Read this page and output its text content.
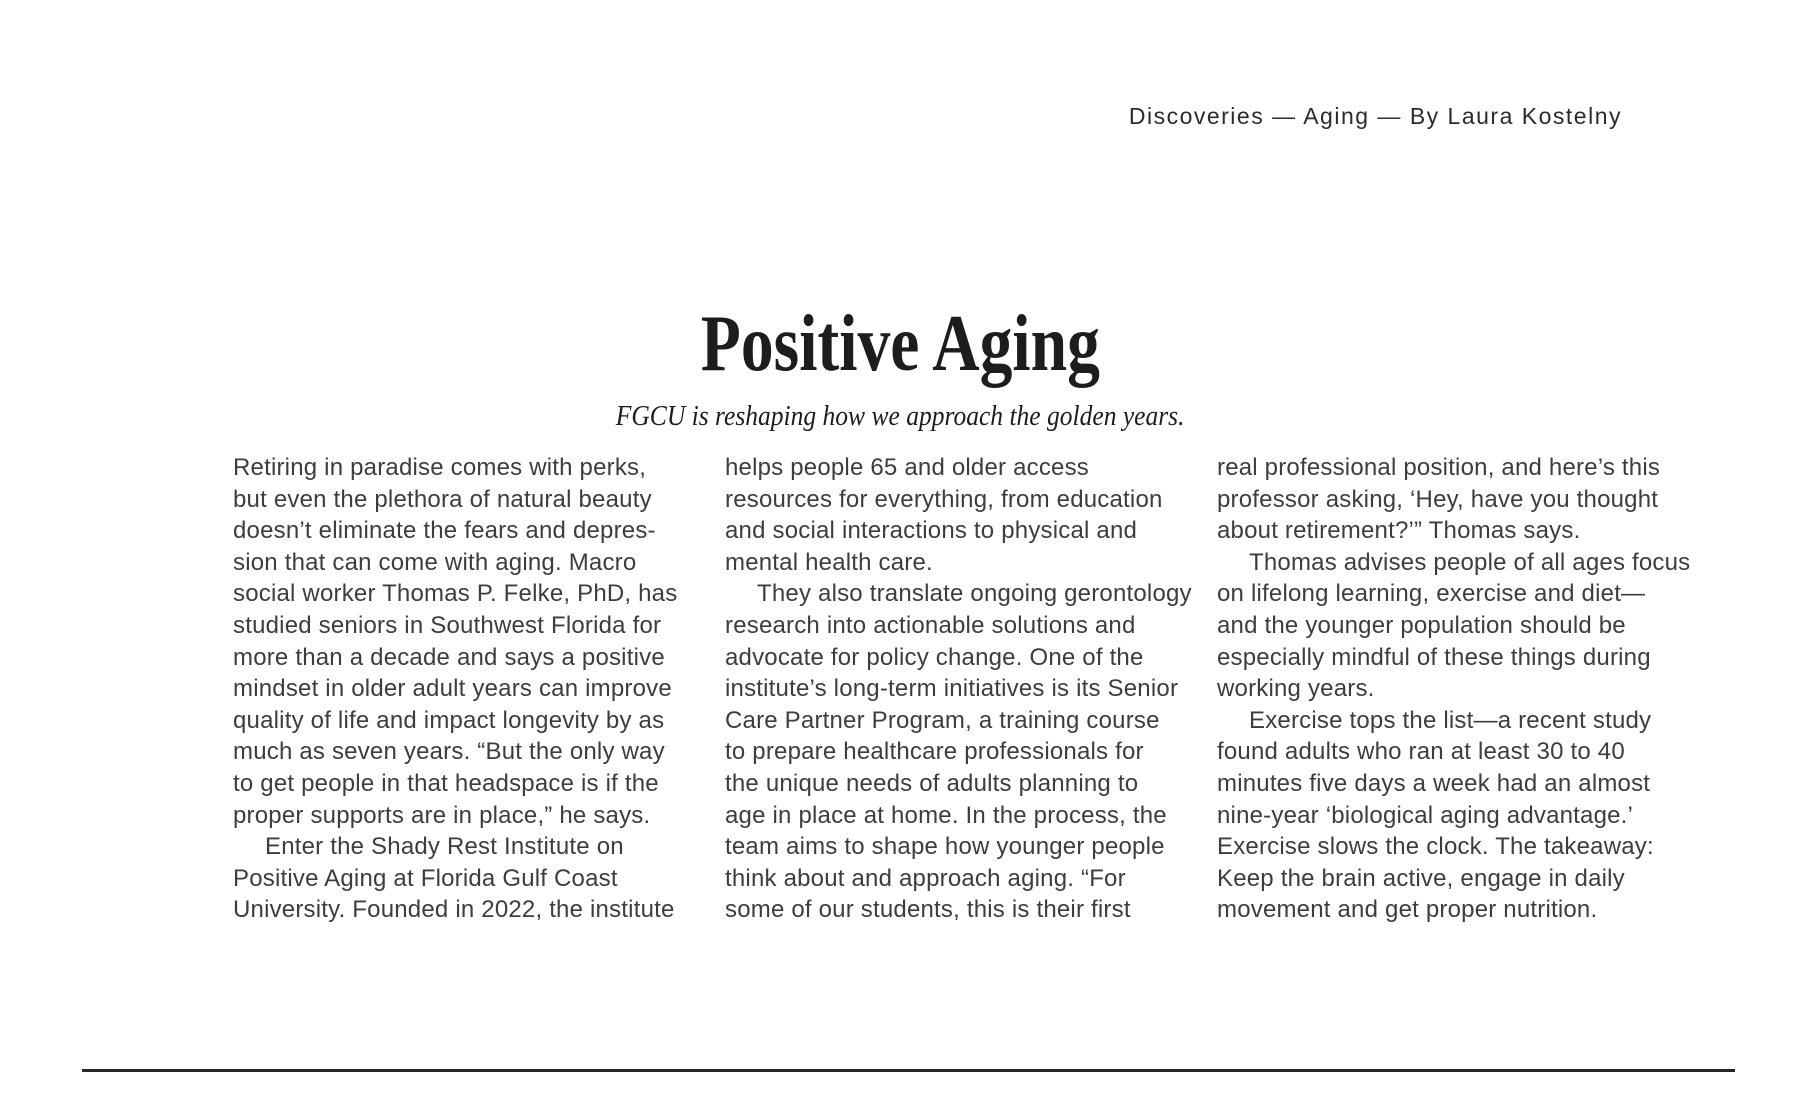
Discoveries — Aging — By Laura Kostelny
Positive Aging
FGCU is reshaping how we approach the golden years.
Retiring in paradise comes with perks,
but even the plethora of natural beauty
doesn’t eliminate the fears and depres-
sion that can come with aging. Macro
social worker Thomas P. Felke, PhD, has
studied seniors in Southwest Florida for
more than a decade and says a positive
mindset in older adult years can improve
quality of life and impact longevity by as
much as seven years. “But the only way
to get people in that headspace is if the
proper supports are in place,” he says.
Enter the Shady Rest Institute on
Positive Aging at Florida Gulf Coast
University. Founded in 2022, the institute
helps people 65 and older access
resources for everything, from education
and social interactions to physical and
mental health care.
They also translate ongoing gerontology
research into actionable solutions and
advocate for policy change. One of the
institute’s long-term initiatives is its Senior
Care Partner Program, a training course
to prepare healthcare professionals for
the unique needs of adults planning to
age in place at home. In the process, the
team aims to shape how younger people
think about and approach aging. “For
some of our students, this is their first
real professional position, and here’s this
professor asking, ‘Hey, have you thought
about retirement?’” Thomas says.
Thomas advises people of all ages focus
on lifelong learning, exercise and diet—
and the younger population should be
especially mindful of these things during
working years.
Exercise tops the list—a recent study
found adults who ran at least 30 to 40
minutes five days a week had an almost
nine-year ‘biological aging advantage.’
Exercise slows the clock. The takeaway:
Keep the brain active, engage in daily
movement and get proper nutrition.
